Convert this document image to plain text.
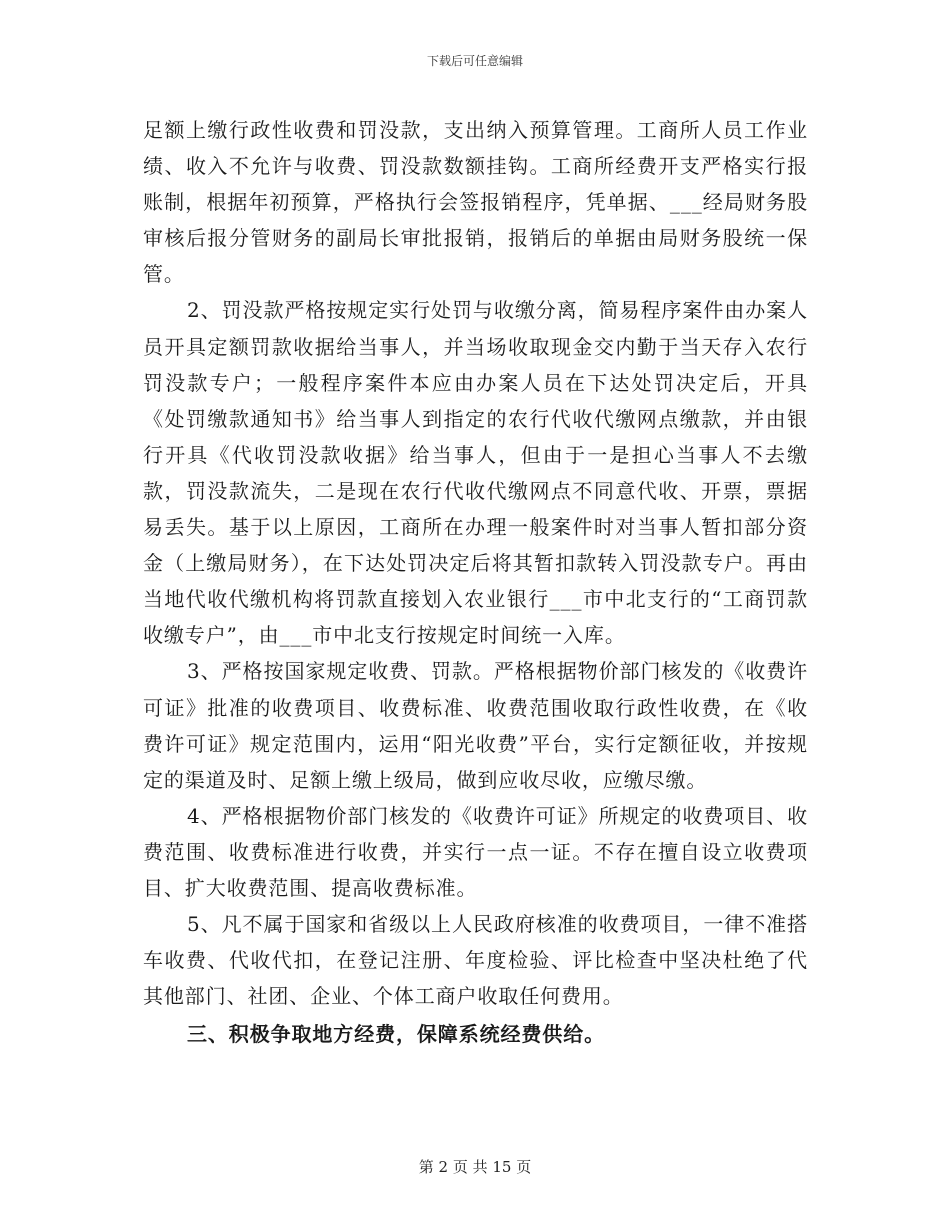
下载后可任意编辑

足额上缴行政性收费和罚没款，支出纳入预算管理。工商所人员工作业绩、收入不允许与收费、罚没款数额挂钩。工商所经费开支严格实行报账制，根据年初预算，严格执行会签报销程序，凭单据、___经局财务股审核后报分管财务的副局长审批报销，报销后的单据由局财务股统一保管。

2、罚没款严格按规定实行处罚与收缴分离，简易程序案件由办案人员开具定额罚款收据给当事人，并当场收取现金交内勤于当天存入农行罚没款专户；一般程序案件本应由办案人员在下达处罚决定后，开具《处罚缴款通知书》给当事人到指定的农行代收代缴网点缴款，并由银行开具《代收罚没款收据》给当事人，但由于一是担心当事人不去缴款，罚没款流失，二是现在农行代收代缴网点不同意代收、开票，票据易丢失。基于以上原因，工商所在办理一般案件时对当事人暂扣部分资金（上缴局财务），在下达处罚决定后将其暂扣款转入罚没款专户。再由当地代收代缴机构将罚款直接划入农业银行___市中北支行的“工商罚款收缴专户”，由___市中北支行按规定时间统一入库。

3、严格按国家规定收费、罚款。严格根据物价部门核发的《收费许可证》批准的收费项目、收费标准、收费范围收取行政性收费，在《收费许可证》规定范围内，运用“阳光收费”平台，实行定额征收，并按规定的渠道及时、足额上缴上级局，做到应收尽收，应缴尽缴。

4、严格根据物价部门核发的《收费许可证》所规定的收费项目、收费范围、收费标准进行收费，并实行一点一证。不存在擅自设立收费项目、扩大收费范围、提高收费标准。

5、凡不属于国家和省级以上人民政府核准的收费项目，一律不准搭车收费、代收代扣，在登记注册、年度检验、评比检查中坚决杜绝了代其他部门、社团、企业、个体工商户收取任何费用。

三、积极争取地方经费，保障系统经费供给。

第 2 页 共 15 页
